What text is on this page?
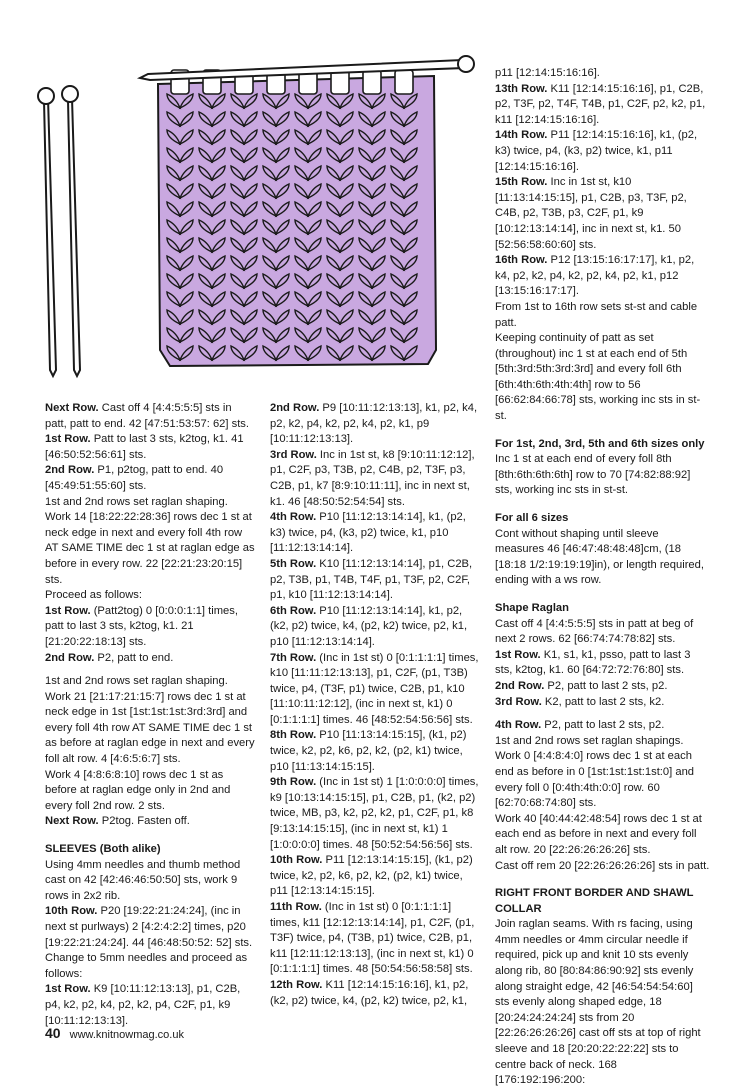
Next Row. Cast off 4 [4:4:5:5:5] sts in patt, patt to end. 42 [47:51:53:57: 62] sts.

1st Row. Patt to last 3 sts, k2tog, k1. 41 [46:50:52:56:61] sts.

2nd Row. P1, p2tog, patt to end. 40 [45:49:51:55:60] sts.

1st and 2nd rows set raglan shaping.

Work 14 [18:22:22:28:36] rows dec 1 st at neck edge in next and every foll 4th row AT SAME TIME dec 1 st at raglan edge as before in every row. 22 [22:21:23:20:15] sts.

Proceed as follows:

1st Row. (Patt2tog) 0 [0:0:0:1:1] times, patt to last 3 sts, k2tog, k1. 21 [21:20:22:18:13] sts.

2nd Row. P2, patt to end.

1st and 2nd rows set raglan shaping.

Work 21 [21:17:21:15:7] rows dec 1 st at neck edge in 1st [1st:1st:1st:3rd:3rd] and every foll 4th row AT SAME TIME dec 1 st as before at raglan edge in next and every foll alt row. 4 [4:6:5:6:7] sts.

Work 4 [4:8:6:8:10] rows dec 1 st as before at raglan edge only in 2nd and every foll 2nd row. 2 sts.

Next Row. P2tog. Fasten off.

SLEEVES (Both alike)

Using 4mm needles and thumb method cast on 42 [42:46:46:50:50] sts, work 9 rows in 2x2 rib.

10th Row. P20 [19:22:21:24:24], (inc in next st purlways) 2 [4:2:4:2:2] times, p20 [19:22:21:24:24]. 44 [46:48:50:52: 52] sts.

Change to 5mm needles and proceed as follows:

1st Row. K9 [10:11:12:13:13], p1, C2B, p4, k2, p2, k4, p2, k2, p4, C2F, p1, k9 [10:11:12:13:13].

2nd Row. P9 [10:11:12:13:13], k1, p2, k4, p2, k2, p4, k2, p2, k4, p2, k1, p9 [10:11:12:13:13].

3rd Row. Inc in 1st st, k8 [9:10:11:12:12], p1, C2F, p3, T3B, p2, C4B, p2, T3F, p3, C2B, p1, k7 [8:9:10:11:11], inc in next st, k1. 46 [48:50:52:54:54] sts.

4th Row. P10 [11:12:13:14:14], k1, (p2, k3) twice, p4, (k3, p2) twice, k1, p10 [11:12:13:14:14].

5th Row. K10 [11:12:13:14:14], p1, C2B, p2, T3B, p1, T4B, T4F, p1, T3F, p2, C2F, p1, k10 [11:12:13:14:14].

6th Row. P10 [11:12:13:14:14], k1, p2, (k2, p2) twice, k4, (p2, k2) twice, p2, k1, p10 [11:12:13:14:14].

7th Row. (Inc in 1st st) 0 [0:1:1:1:1] times, k10 [11:11:12:13:13], p1, C2F, (p1, T3B) twice, p4, (T3F, p1) twice, C2B, p1, k10 [11:10:11:12:12], (inc in next st, k1) 0 [0:1:1:1:1] times. 46 [48:52:54:56:56] sts.

8th Row. P10 [11:13:14:15:15], (k1, p2) twice, k2, p2, k6, p2, k2, (p2, k1) twice, p10 [11:13:14:15:15].

9th Row. (Inc in 1st st) 1 [1:0:0:0:0] times, k9 [10:13:14:15:15], p1, C2B, p1, (k2, p2) twice, MB, p3, k2, p2, k2, p1, C2F, p1, k8 [9:13:14:15:15], (inc in next st, k1) 1 [1:0:0:0:0] times. 48 [50:52:54:56:56] sts.

10th Row. P11 [12:13:14:15:15], (k1, p2) twice, k2, p2, k6, p2, k2, (p2, k1) twice, p11 [12:13:14:15:15].

11th Row. (Inc in 1st st) 0 [0:1:1:1:1] times, k11 [12:12:13:14:14], p1, C2F, (p1, T3F) twice, p4, (T3B, p1) twice, C2B, p1, k11 [12:11:12:13:13], (inc in next st, k1) 0 [0:1:1:1:1] times. 48 [50:54:56:58:58] sts.

12th Row. K11 [12:14:15:16:16], k1, p2, (k2, p2) twice, k4, (p2, k2) twice, p2, k1,

p11 [12:14:15:16:16].

13th Row. K11 [12:14:15:16:16], p1, C2B, p2, T3F, p2, T4F, T4B, p1, C2F, p2, k2, p1, k11 [12:14:15:16:16].

14th Row. P11 [12:14:15:16:16], k1, (p2, k3) twice, p4, (k3, p2) twice, k1, p11 [12:14:15:16:16].

15th Row. Inc in 1st st, k10 [11:13:14:15:15], p1, C2B, p3, T3F, p2, C4B, p2, T3B, p3, C2F, p1, k9 [10:12:13:14:14], inc in next st, k1. 50 [52:56:58:60:60] sts.

16th Row. P12 [13:15:16:17:17], k1, p2, k4, p2, k2, p4, k2, p2, k4, p2, k1, p12 [13:15:16:17:17].

From 1st to 16th row sets st-st and cable patt.

Keeping continuity of patt as set (throughout) inc 1 st at each end of 5th [5th:3rd:5th:3rd:3rd] and every foll 6th [6th:4th:6th:4th:4th] row to 56 [66:62:84:66:78] sts, working inc sts in st-st.

For 1st, 2nd, 3rd, 5th and 6th sizes only

Inc 1 st at each end of every foll 8th [8th:6th:6th:6th] row to 70 [74:82:88:92] sts, working inc sts in st-st.

For all 6 sizes

Cont without shaping until sleeve measures 46 [46:47:48:48:48]cm, (18 [18:18 1/2:19:19:19]in), or length required, ending with a ws row.

Shape Raglan

Cast off 4 [4:4:5:5:5] sts in patt at beg of next 2 rows. 62 [66:74:74:78:82] sts.

1st Row. K1, s1, k1, psso, patt to last 3 sts, k2tog, k1. 60 [64:72:72:76:80] sts.

2nd Row. P2, patt to last 2 sts, p2.

3rd Row. K2, patt to last 2 sts, k2.

4th Row. P2, patt to last 2 sts, p2.

1st and 2nd rows set raglan shapings.

Work 0 [4:4:8:4:0] rows dec 1 st at each end as before in 0 [1st:1st:1st:1st:0] and every foll 0 [0:4th:4th:0:0] row. 60 [62:70:68:74:80] sts.

Work 40 [40:44:42:48:54] rows dec 1 st at each end as before in next and every foll alt row. 20 [22:26:26:26:26] sts.

Cast off rem 20 [22:26:26:26:26] sts in patt.

RIGHT FRONT BORDER AND SHAWL COLLAR

Join raglan seams. With rs facing, using 4mm needles or 4mm circular needle if required, pick up and knit 10 sts evenly along rib, 80 [80:84:86:90:92] sts evenly along straight edge, 42 [46:54:54:54:60] sts evenly along shaped edge, 18 [20:24:24:24:24] sts from 20 [22:26:26:26:26] cast off sts at top of right sleeve and 18 [20:20:22:22:22] sts to centre back of neck. 168 [176:192:196:200:

40 www.knitnowmag.co.uk
